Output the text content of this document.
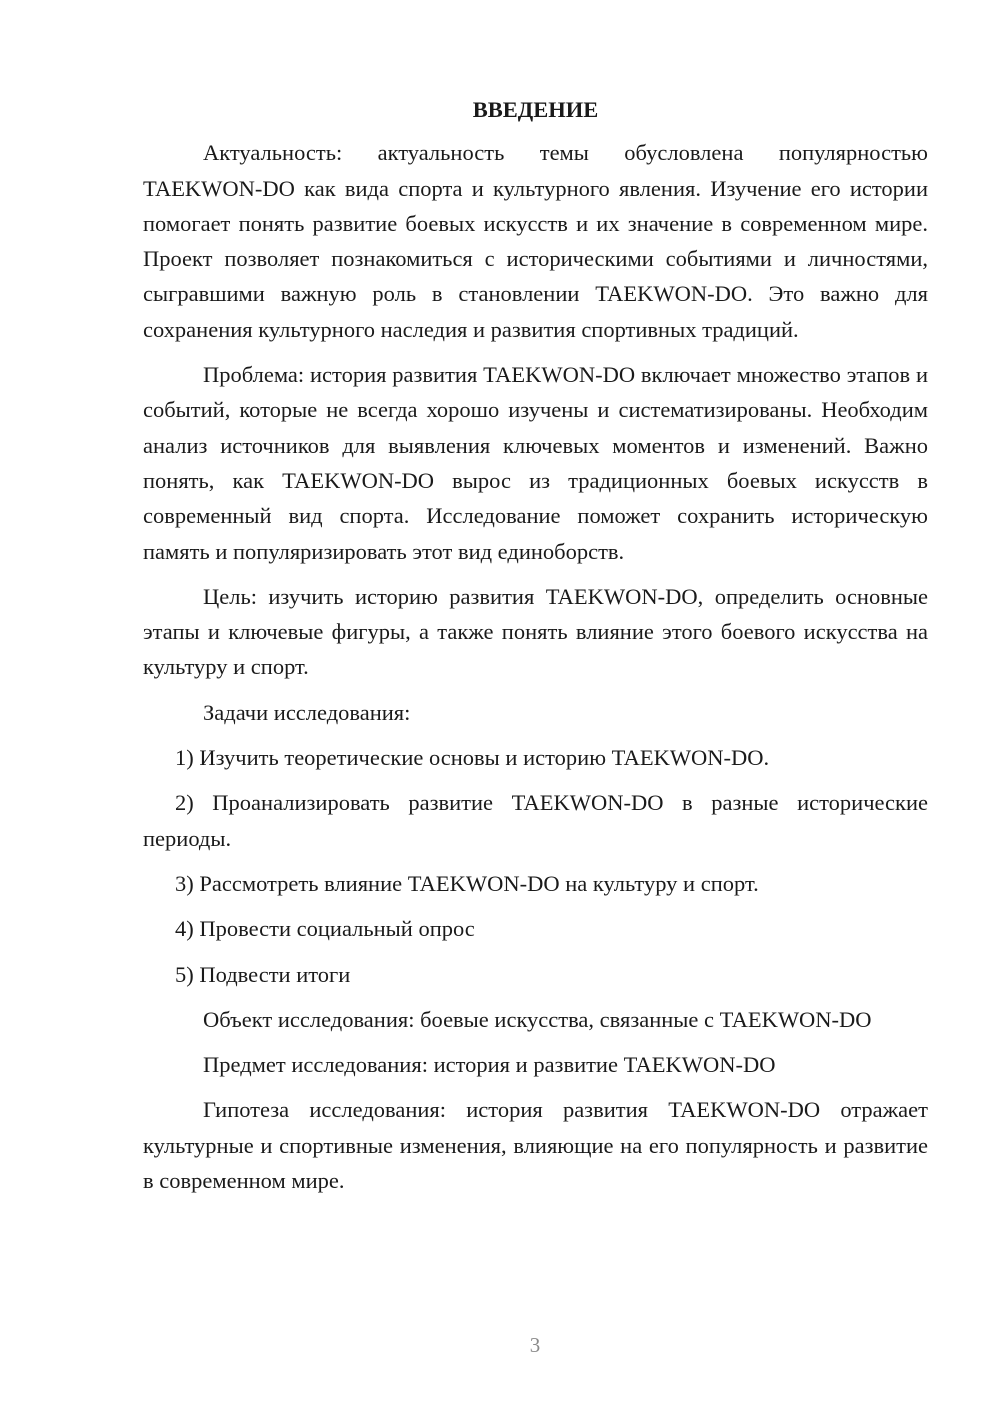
ВВЕДЕНИЕ

Актуальность: актуальность темы обусловлена популярностью TAEKWON-DO как вида спорта и культурного явления. Изучение его истории помогает понять развитие боевых искусств и их значение в современном мире. Проект позволяет познакомиться с историческими событиями и личностями, сыгравшими важную роль в становлении TAEKWON-DO. Это важно для сохранения культурного наследия и развития спортивных традиций.

Проблема: история развития TAEKWON-DO включает множество этапов и событий, которые не всегда хорошо изучены и систематизированы. Необходим анализ источников для выявления ключевых моментов и изменений. Важно понять, как TAEKWON-DO вырос из традиционных боевых искусств в современный вид спорта. Исследование поможет сохранить историческую память и популяризировать этот вид единоборств.

Цель: изучить историю развития TAEKWON-DO, определить основные этапы и ключевые фигуры, а также понять влияние этого боевого искусства на культуру и спорт.

Задачи исследования:

1) Изучить теоретические основы и историю TAEKWON-DO.

2) Проанализировать развитие TAEKWON-DO в разные исторические периоды.

3) Рассмотреть влияние TAEKWON-DO на культуру и спорт.

4) Провести социальный опрос

5) Подвести итоги

Объект исследования: боевые искусства, связанные с TAEKWON-DO

Предмет исследования: история и развитие TAEKWON-DO

Гипотеза исследования: история развития TAEKWON-DO отражает культурные и спортивные изменения, влияющие на его популярность и развитие в современном мире.

3
